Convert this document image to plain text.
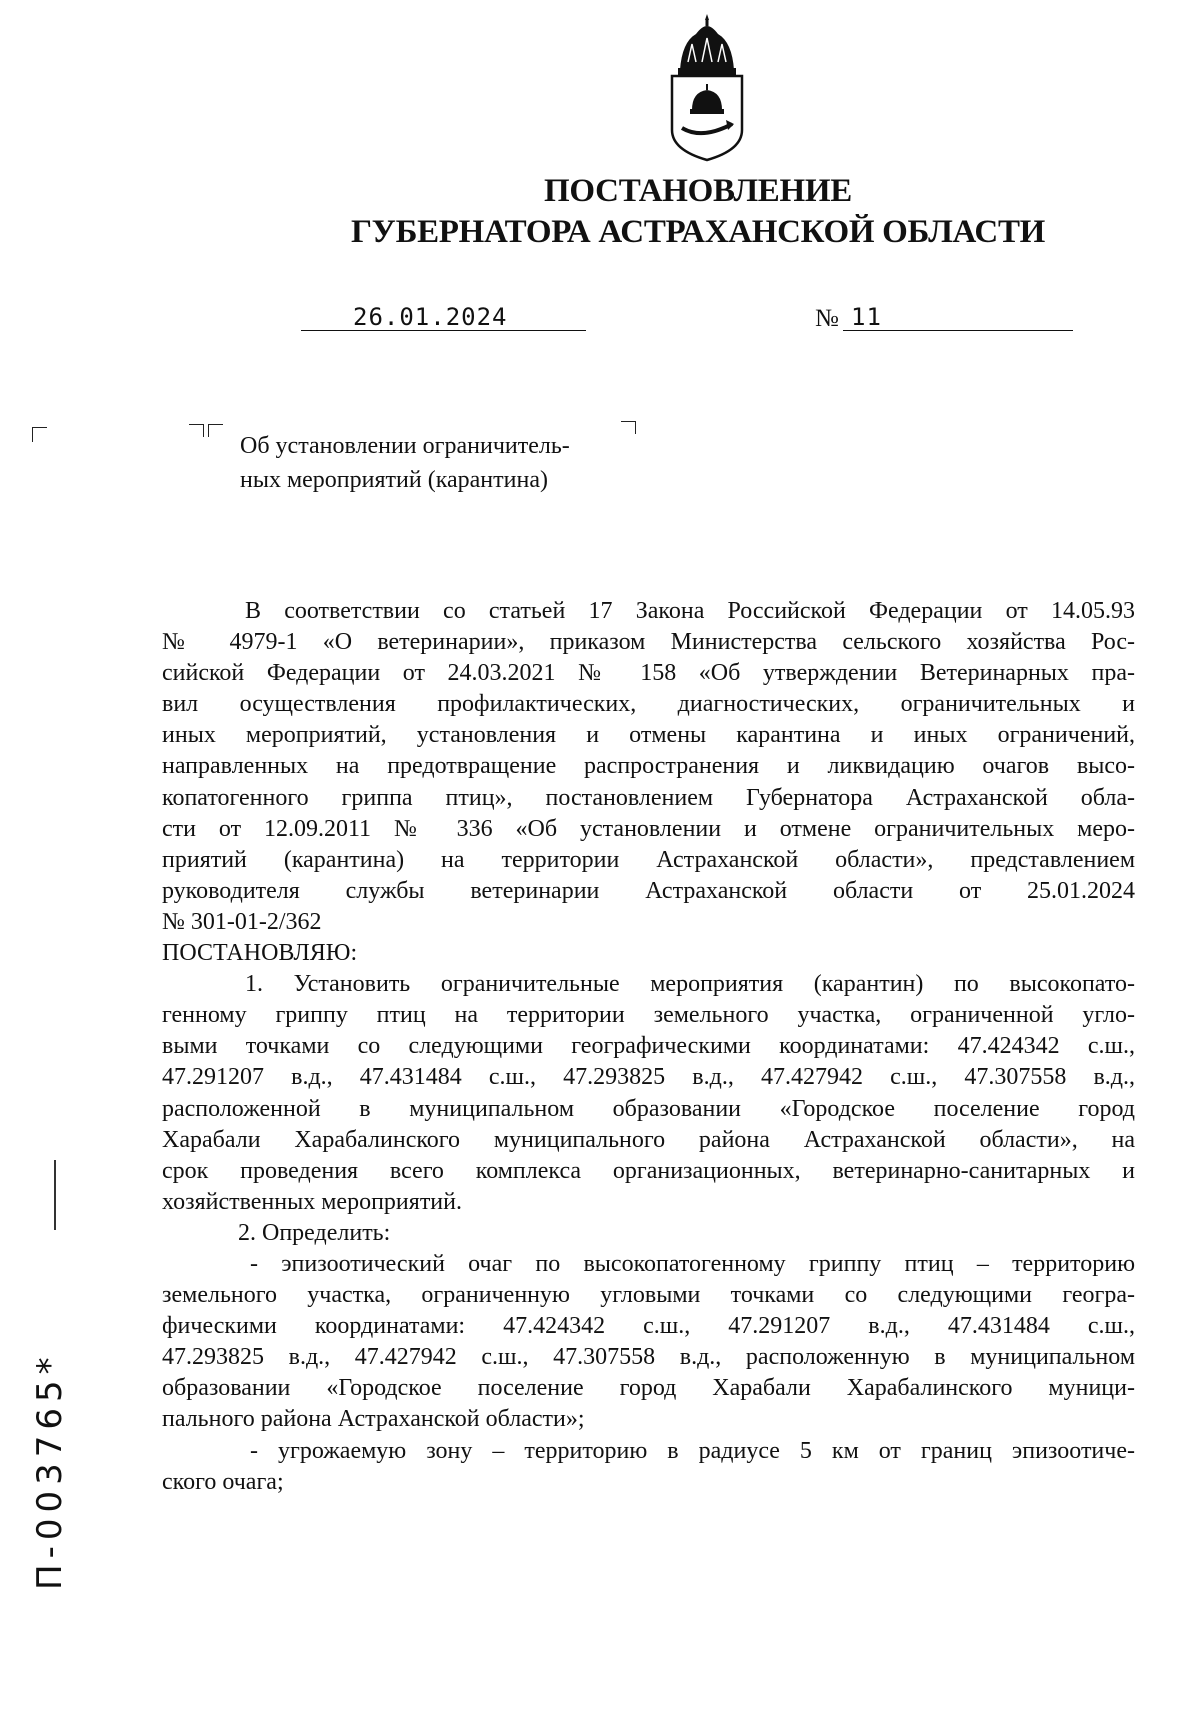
ПОСТАНОВЛЕНИЕ
ГУБЕРНАТОРА АСТРАХАНСКОЙ ОБЛАСТИ
26.01.2024	№ 11
Об установлении ограничитель-
ных мероприятий (карантина)
В соответствии со статьей 17 Закона Российской Федерации от 14.05.93
№ 4979-1 «О ветеринарии», приказом Министерства сельского хозяйства Рос-
сийской Федерации от 24.03.2021 № 158 «Об утверждении Ветеринарных пра-
вил осуществления профилактических, диагностических, ограничительных и
иных мероприятий, установления и отмены карантина и иных ограничений,
направленных на предотвращение распространения и ликвидацию очагов высо-
копатогенного гриппа птиц», постановлением Губернатора Астраханской обла-
сти от 12.09.2011 № 336 «Об установлении и отмене ограничительных меро-
приятий (карантина) на территории Астраханской области», представлением
руководителя службы ветеринарии Астраханской области от 25.01.2024
№ 301-01-2/362
ПОСТАНОВЛЯЮ:
1. Установить ограничительные мероприятия (карантин) по высокопато-
генному гриппу птиц на территории земельного участка, ограниченной угло-
выми точками со следующими географическими координатами: 47.424342 с.ш.,
47.291207 в.д., 47.431484 с.ш., 47.293825 в.д., 47.427942 с.ш., 47.307558 в.д.,
расположенной в муниципальном образовании «Городское поселение город
Харабали Харабалинского муниципального района Астраханской области», на
срок проведения всего комплекса организационных, ветеринарно-санитарных и
хозяйственных мероприятий.
2. Определить:
- эпизоотический очаг по высокопатогенному гриппу птиц – территорию
земельного участка, ограниченную угловыми точками со следующими геогра-
фическими координатами: 47.424342 с.ш., 47.291207 в.д., 47.431484 с.ш.,
47.293825 в.д., 47.427942 с.ш., 47.307558 в.д., расположенную в муниципальном
образовании «Городское поселение город Харабали Харабалинского муници-
пального района Астраханской области»;
- угрожаемую зону – территорию в радиусе 5 км от границ эпизоотиче-
ского очага;
П-003765*
